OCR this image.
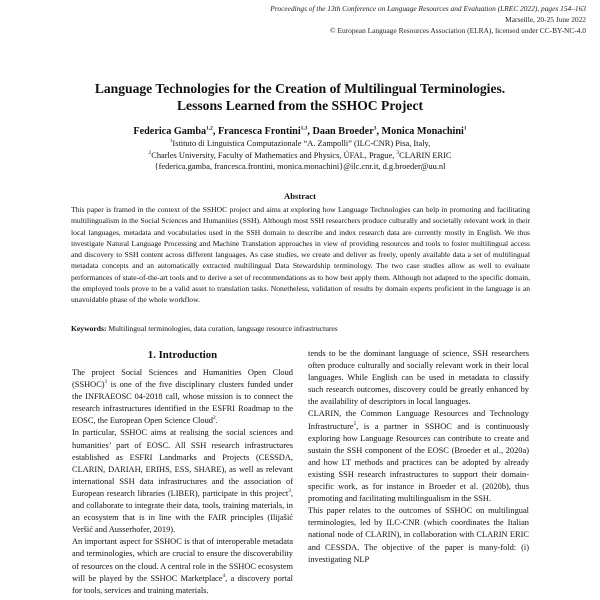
Proceedings of the 13th Conference on Language Resources and Evaluation (LREC 2022), pages 154–163
Marseille, 20-25 June 2022
© European Language Resources Association (ELRA), licensed under CC-BY-NC-4.0
Language Technologies for the Creation of Multilingual Terminologies.
Lessons Learned from the SSHOC Project
Federica Gamba$^{1,2}$, Francesca Frontini$^{1,3}$, Daan Broeder$^3$, Monica Monachini$^1$
$^1$Istituto di Linguistica Computazionale “A. Zampolli” (ILC-CNR) Pisa, Italy,
$^2$Charles University, Faculty of Mathematics and Physics, ÚFAL, Prague, $^3$CLARIN ERIC
{federica.gamba, francesca.frontini, monica.monachini}@ilc.cnr.it, d.g.broeder@uu.nl
Abstract
This paper is framed in the context of the SSHOC project and aims at exploring how Language Technologies can help in promoting and facilitating multilingualism in the Social Sciences and Humanities (SSH). Although most SSH researchers produce culturally and societally relevant work in their local languages, metadata and vocabularies used in the SSH domain to describe and index research data are currently mostly in English. We thus investigate Natural Language Processing and Machine Translation approaches in view of providing resources and tools to foster multilingual access and discovery to SSH content across different languages. As case studies, we create and deliver as freely, openly available data a set of multilingual metadata concepts and an automatically extracted multilingual Data Stewardship terminology. The two case studies allow as well to evaluate performances of state-of-the-art tools and to derive a set of recommendations as to how best apply them. Although not adapted to the specific domain, the employed tools prove to be a valid asset to translation tasks. Nonetheless, validation of results by domain experts proficient in the language is an unavoidable phase of the whole workflow.
Keywords: Multilingual terminologies, data curation, language resource infrastructures
1. Introduction

The project Social Sciences and Humanities Open Cloud (SSHOC)$^1$ is one of the five disciplinary clusters funded under the INFRAEOSC 04-2018 call, whose mission is to connect the research infrastructures identified in the ESFRI Roadmap to the EOSC, the European Open Science Cloud$^2$.

In particular, SSHOC aims at realising the social sciences and humanities’ part of EOSC. All SSH research infrastructures established as ESFRI Landmarks and Projects (CESSDA, CLARIN, DARIAH, ERIHS, ESS, SHARE), as well as relevant international SSH data infrastructures and the association of European research libraries (LIBER), participate in this project$^3$, and collaborate to integrate their data, tools, training materials, in an ecosystem that is in line with the FAIR principles (Ilijašić Veršić and Ausserhofer, 2019).

An important aspect for SSHOC is that of interoperable metadata and terminologies, which are crucial to ensure the discoverability of resources on the cloud. A central role in the SSHOC ecosystem will be played by the SSHOC Marketplace$^4$, a discovery portal for tools, services and training materials.

tends to be the dominant language of science, SSH researchers often produce culturally and socially relevant work in their local languages. While English can be used in metadata to classify such research outcomes, discovery could be greatly enhanced by the availability of descriptors in local languages.

CLARIN, the Common Language Resources and Technology Infrastructure$^5$, is a partner in SSHOC and is continuously exploring how Language Resources can contribute to create and sustain the SSH component of the EOSC (Broeder et al., 2020a) and how LT methods and practices can be adopted by already existing SSH research infrastructures to support their domain-specific work, as for instance in Broeder et al. (2020b), thus promoting and facilitating multilingualism in the SSH.

This paper relates to the outcomes of SSHOC on multilingual terminologies, led by ILC-CNR (which coordinates the Italian national node of CLARIN), in collaboration with CLARIN ERIC and CESSDA. The objective of the paper is many-fold: (i) investigating NLP
